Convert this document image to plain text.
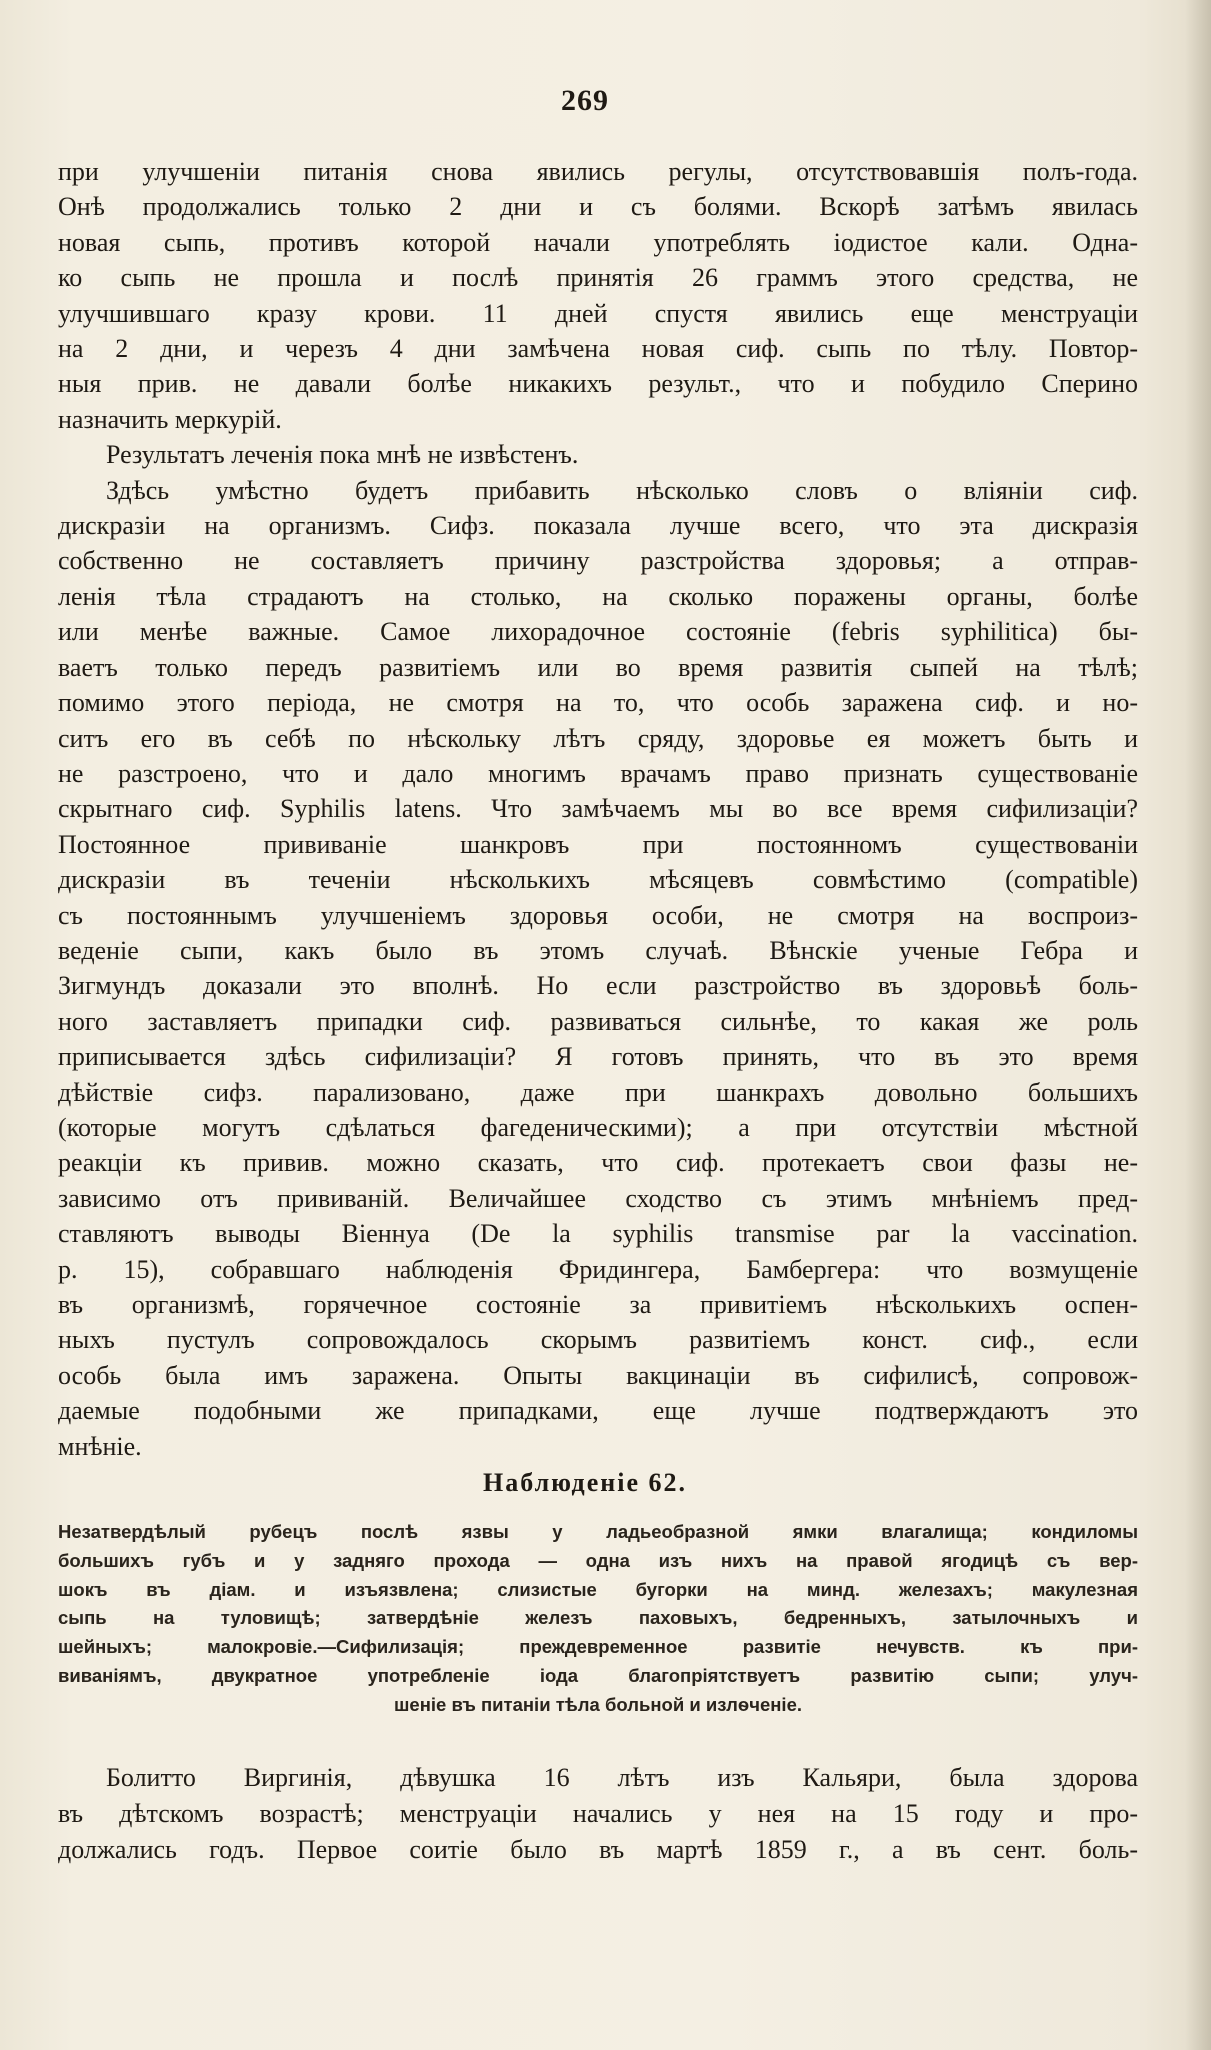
269
при улучшеніи питанія снова явились регулы, отсутствовавшія полъ-года.
Онѣ продолжались только 2 дни и съ болями. Вскорѣ затѣмъ явилась
новая сыпь, противъ которой начали употреблять іодистое кали. Одна-
ко сыпь не прошла и послѣ принятія 26 граммъ этого средства, не
улучшившаго кразу крови. 11 дней спустя явились еще менструаціи
на 2 дни, и черезъ 4 дни замѣчена новая сиф. сыпь по тѣлу. Повтор-
ныя прив. не давали болѣе никакихъ результ., что и побудило Сперино
назначить меркурій.
Результатъ леченія пока мнѣ не извѣстенъ.
Здѣсь умѣстно будетъ прибавить нѣсколько словъ о вліяніи сиф.
дискразіи на организмъ. Сифз. показала лучше всего, что эта дискразія
собственно не составляетъ причину разстройства здоровья; а отправ-
ленія тѣла страдаютъ на столько, на сколько поражены органы, болѣе
или менѣе важные. Самое лихорадочное состояніе (febris syphilitica) бы-
ваетъ только передъ развитіемъ или во время развитія сыпей на тѣлѣ;
помимо этого періода, не смотря на то, что особь заражена сиф. и но-
ситъ его въ себѣ по нѣскольку лѣтъ сряду, здоровье ея можетъ быть и
не разстроено, что и дало многимъ врачамъ право признать существованіе
скрытнаго сиф. Syphilis latens. Что замѣчаемъ мы во все время сифилизаціи?
Постоянное прививаніе шанкровъ при постоянномъ существованіи
дискразіи въ теченіи нѣсколькихъ мѣсяцевъ совмѣстимо (compatible)
съ постояннымъ улучшеніемъ здоровья особи, не смотря на воспроиз-
веденіе сыпи, какъ было въ этомъ случаѣ. Вѣнскіе ученые Гебра и
Зигмундъ доказали это вполнѣ. Но если разстройство въ здоровьѣ боль-
ного заставляетъ припадки сиф. развиваться сильнѣе, то какая же роль
приписывается здѣсь сифилизаціи? Я готовъ принять, что въ это время
дѣйствіе сифз. парализовано, даже при шанкрахъ довольно большихъ
(которые могутъ сдѣлаться фагеденическими); а при отсутствіи мѣстной
реакціи къ привив. можно сказать, что сиф. протекаетъ свои фазы не-
зависимо отъ прививаній. Величайшее сходство съ этимъ мнѣніемъ пред-
ставляютъ выводы Віеннуа (De la syphilis transmise par la vaccination.
p. 15), собравшаго наблюденія Фридингера, Бамбергера: что возмущеніе
въ организмѣ, горячечное состояніе за привитіемъ нѣсколькихъ оспен-
ныхъ пустулъ сопровождалось скорымъ развитіемъ конст. сиф., если
особь была имъ заражена. Опыты вакцинаціи въ сифилисѣ, сопровож-
даемые подобными же припадками, еще лучше подтверждаютъ это
мнѣніе.
Наблюденіе 62.
Незатвердѣлый рубецъ послѣ язвы у ладьеобразной ямки влагалища; кондиломы
большихъ губъ и у задняго прохода — одна изъ нихъ на правой ягодицѣ съ вер-
шокъ въ діам. и изъязвлена; слизистые бугорки на минд. железахъ; макулезная
сыпь на туловищѣ; затвердѣніе железъ паховыхъ, бедренныхъ, затылочныхъ и
шейныхъ; малокровіе.—Сифилизація; преждевременное развитіе нечувств. къ при-
виваніямъ, двукратное употребленіе іода благопріятствуетъ развитію сыпи; улуч-
шеніе въ питаніи тѣла больной и излѳченіе.
Болитто Виргинія, дѣвушка 16 лѣтъ изъ Кальяри, была здорова
въ дѣтскомъ возрастѣ; менструаціи начались у нея на 15 году и про-
должались годъ. Первое соитіе было въ мартѣ 1859 г., а въ сент. боль-
